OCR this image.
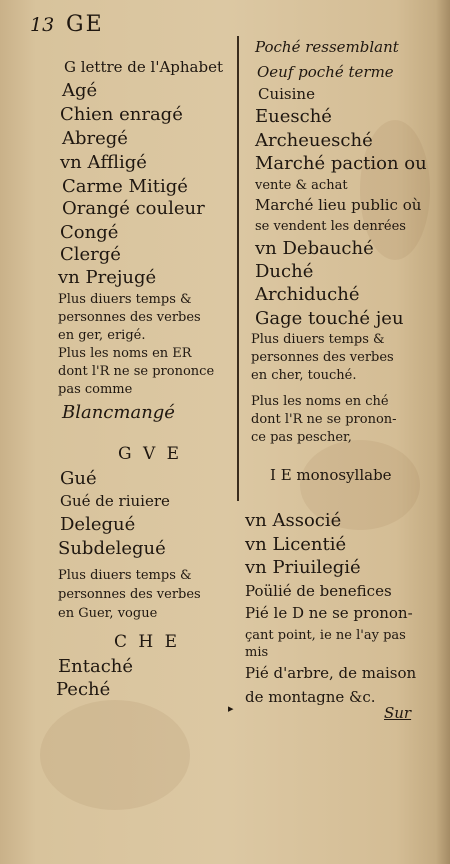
13 GE
G lettre de l'Aphabet
Agé
Chien enragé
Abregé
vn Affligé
Carme Mitigé
Orangé couleur
Congé
Clergé
vn Prejugé
Plus diuers temps &
personnes des verbes
en ger, erigé.
Plus les noms en ER
dont l'R ne se prononce
pas comme
Blancmangé
G V E
Gué
Gué de riuiere
Delegué
Subdelegué
Plus diuers temps &
personnes des verbes
en Guer, vogue
C H E
Entaché
Peché
Poché ressemblant
Oeuf poché terme
Cuisine
Euesché
Archeuesché
Marché paction ou
vente & achat
Marché lieu public où
se vendent les denrées
vn Debauché
Duché
Archiduché
Gage touché jeu
Plus diuers temps &
personnes des verbes
en cher, touché.
Plus les noms en ché
dont l'R ne se pronon-
ce pas pescher,
I E monosyllabe
vn Associé
vn Licentié
vn Priuilegié
Poülié de benefices
Pié le D ne se pronon-
çant point, ie ne l'ay pas
mis
Pié d'arbre, de maison
de montagne &c.
▸	Sur
